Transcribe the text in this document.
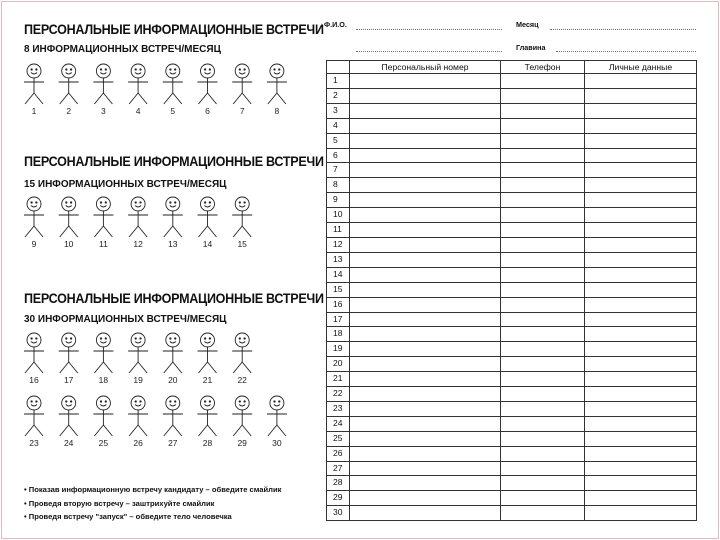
ПЕРСОНАЛЬНЫЕ ИНФОРМАЦИОННЫЕ ВСТРЕЧИ
8 ИНФОРМАЦИОННЫХ ВСТРЕЧ/МЕСЯЦ
1	2	3	4	5	6	7	8
ПЕРСОНАЛЬНЫЕ ИНФОРМАЦИОННЫЕ ВСТРЕЧИ
15 ИНФОРМАЦИОННЫХ ВСТРЕЧ/МЕСЯЦ
9	10	11	12	13	14	15
ПЕРСОНАЛЬНЫЕ ИНФОРМАЦИОННЫЕ ВСТРЕЧИ
30 ИНФОРМАЦИОННЫХ ВСТРЕЧ/МЕСЯЦ
16	17	18	19	20	21	22
23	24	25	26	27	28	29	30
• Показав информационную встречу кандидату – обведите смайлик
• Проведя вторую встречу – заштрихуйте смайлик
• Проведя встречу "запуск" – обведите тело человечка
Ф.И.О.	Месяц
Главина
	Персональный номер	Телефон	Личные данные
1			
2			
3			
4			
5			
6			
7			
8			
9			
10			
11			
12			
13			
14			
15			
16			
17			
18			
19			
20			
21			
22			
23			
24			
25			
26			
27			
28			
29			
30			
